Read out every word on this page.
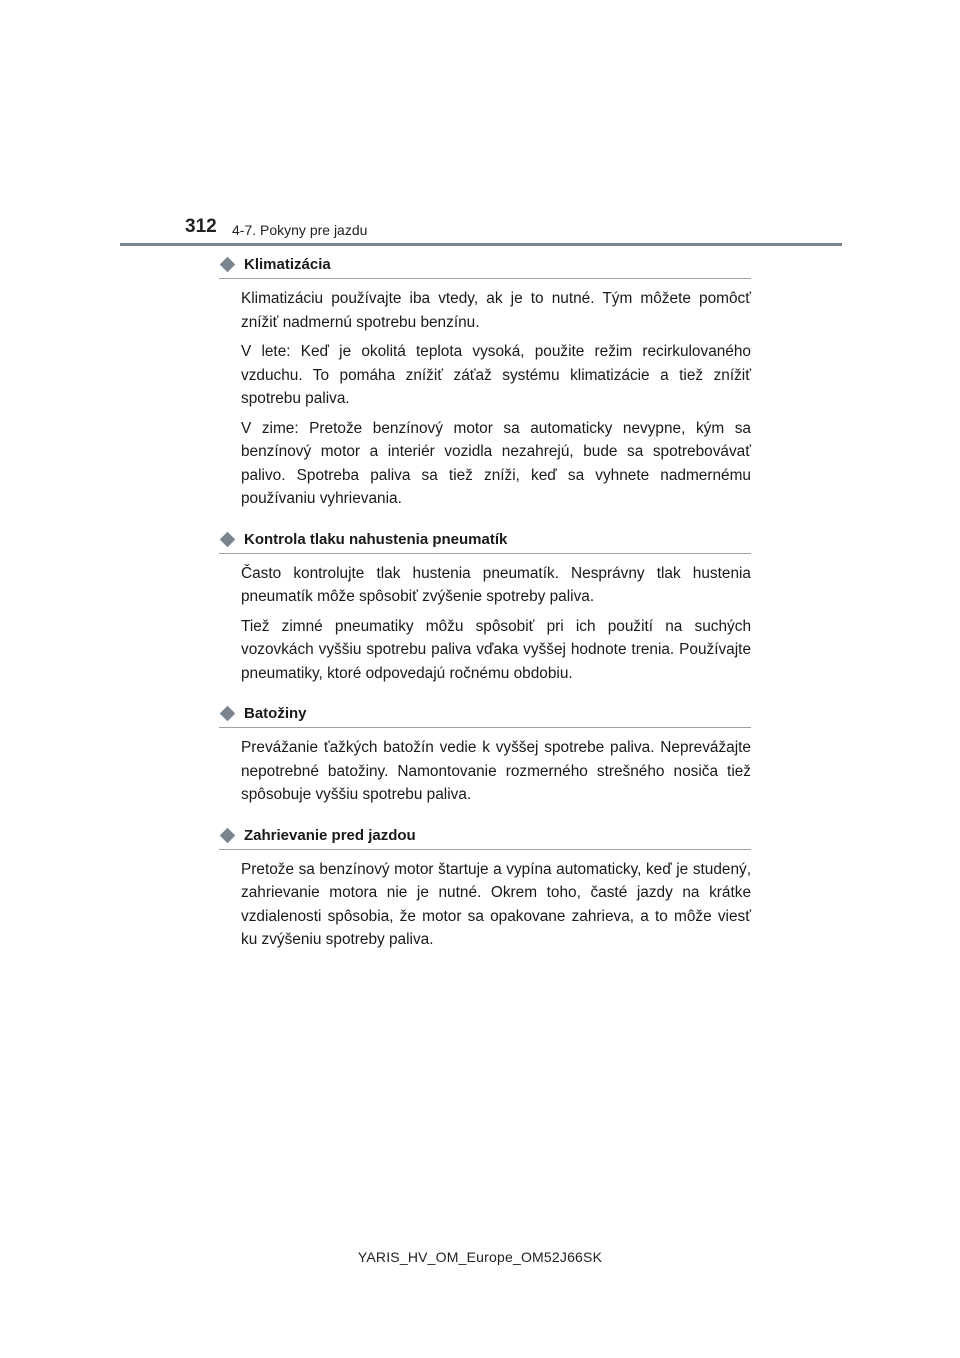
312 4-7. Pokyny pre jazdu
Klimatizácia

Klimatizáciu používajte iba vtedy, ak je to nutné. Tým môžete pomôcť znížiť nadmernú spotrebu benzínu.

V lete: Keď je okolitá teplota vysoká, použite režim recirkulovaného vzduchu. To pomáha znížiť záťaž systému klimatizácie a tiež znížiť spotrebu paliva.

V zime: Pretože benzínový motor sa automaticky nevypne, kým sa benzínový motor a interiér vozidla nezahrejú, bude sa spotrebovávať palivo. Spotreba paliva sa tiež zníži, keď sa vyhnete nadmernému používaniu vyhrievania.

Kontrola tlaku nahustenia pneumatík

Často kontrolujte tlak hustenia pneumatík. Nesprávny tlak hustenia pneumatík môže spôsobiť zvýšenie spotreby paliva.

Tiež zimné pneumatiky môžu spôsobiť pri ich použití na suchých vozovkách vyššiu spotrebu paliva vďaka vyššej hodnote trenia. Používajte pneumatiky, ktoré odpovedajú ročnému obdobiu.

Batožiny

Prevážanie ťažkých batožín vedie k vyššej spotrebe paliva. Neprevážajte nepotrebné batožiny. Namontovanie rozmerného strešného nosiča tiež spôsobuje vyššiu spotrebu paliva.

Zahrievanie pred jazdou

Pretože sa benzínový motor štartuje a vypína automaticky, keď je studený, zahrievanie motora nie je nutné. Okrem toho, časté jazdy na krátke vzdialenosti spôsobia, že motor sa opakovane zahrieva, a to môže viesť ku zvýšeniu spotreby paliva.

YARIS_HV_OM_Europe_OM52J66SK
